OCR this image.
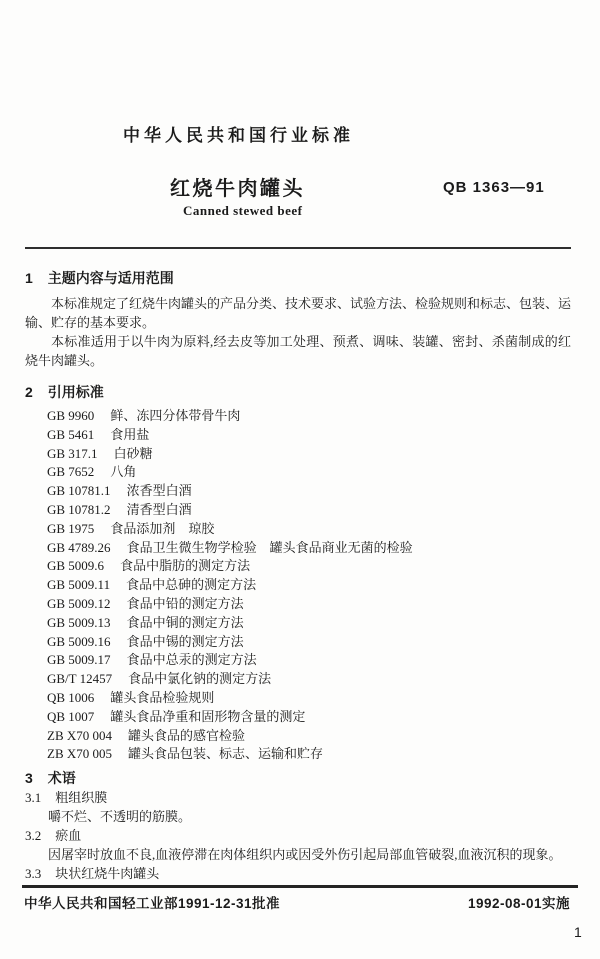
中华人民共和国行业标准
红烧牛肉罐头	QB 1363—91
Canned stewed beef
1 主题内容与适用范围
本标准规定了红烧牛肉罐头的产品分类、技术要求、试验方法、检验规则和标志、包装、运输、贮存的基本要求。
本标准适用于以牛肉为原料,经去皮等加工处理、预煮、调味、装罐、密封、杀菌制成的红烧牛肉罐头。
2 引用标准
GB 9960 鲜、冻四分体带骨牛肉
GB 5461 食用盐
GB 317.1 白砂糖
GB 7652 八角
GB 10781.1 浓香型白酒
GB 10781.2 清香型白酒
GB 1975 食品添加剂　琼胶
GB 4789.26 食品卫生微生物学检验　罐头食品商业无菌的检验
GB 5009.6 食品中脂肪的测定方法
GB 5009.11 食品中总砷的测定方法
GB 5009.12 食品中铅的测定方法
GB 5009.13 食品中铜的测定方法
GB 5009.16 食品中锡的测定方法
GB 5009.17 食品中总汞的测定方法
GB/T 12457 食品中氯化钠的测定方法
QB 1006 罐头食品检验规则
QB 1007 罐头食品净重和固形物含量的测定
ZB X70 004 罐头食品的感官检验
ZB X70 005 罐头食品包装、标志、运输和贮存
3 术语
3.1 粗组织膜
嚼不烂、不透明的筋膜。
3.2 瘀血
因屠宰时放血不良,血液停滞在肉体组织内或因受外伤引起局部血管破裂,血液沉积的现象。
3.3 块状红烧牛肉罐头
中华人民共和国轻工业部1991-12-31批准	1992-08-01实施
1
